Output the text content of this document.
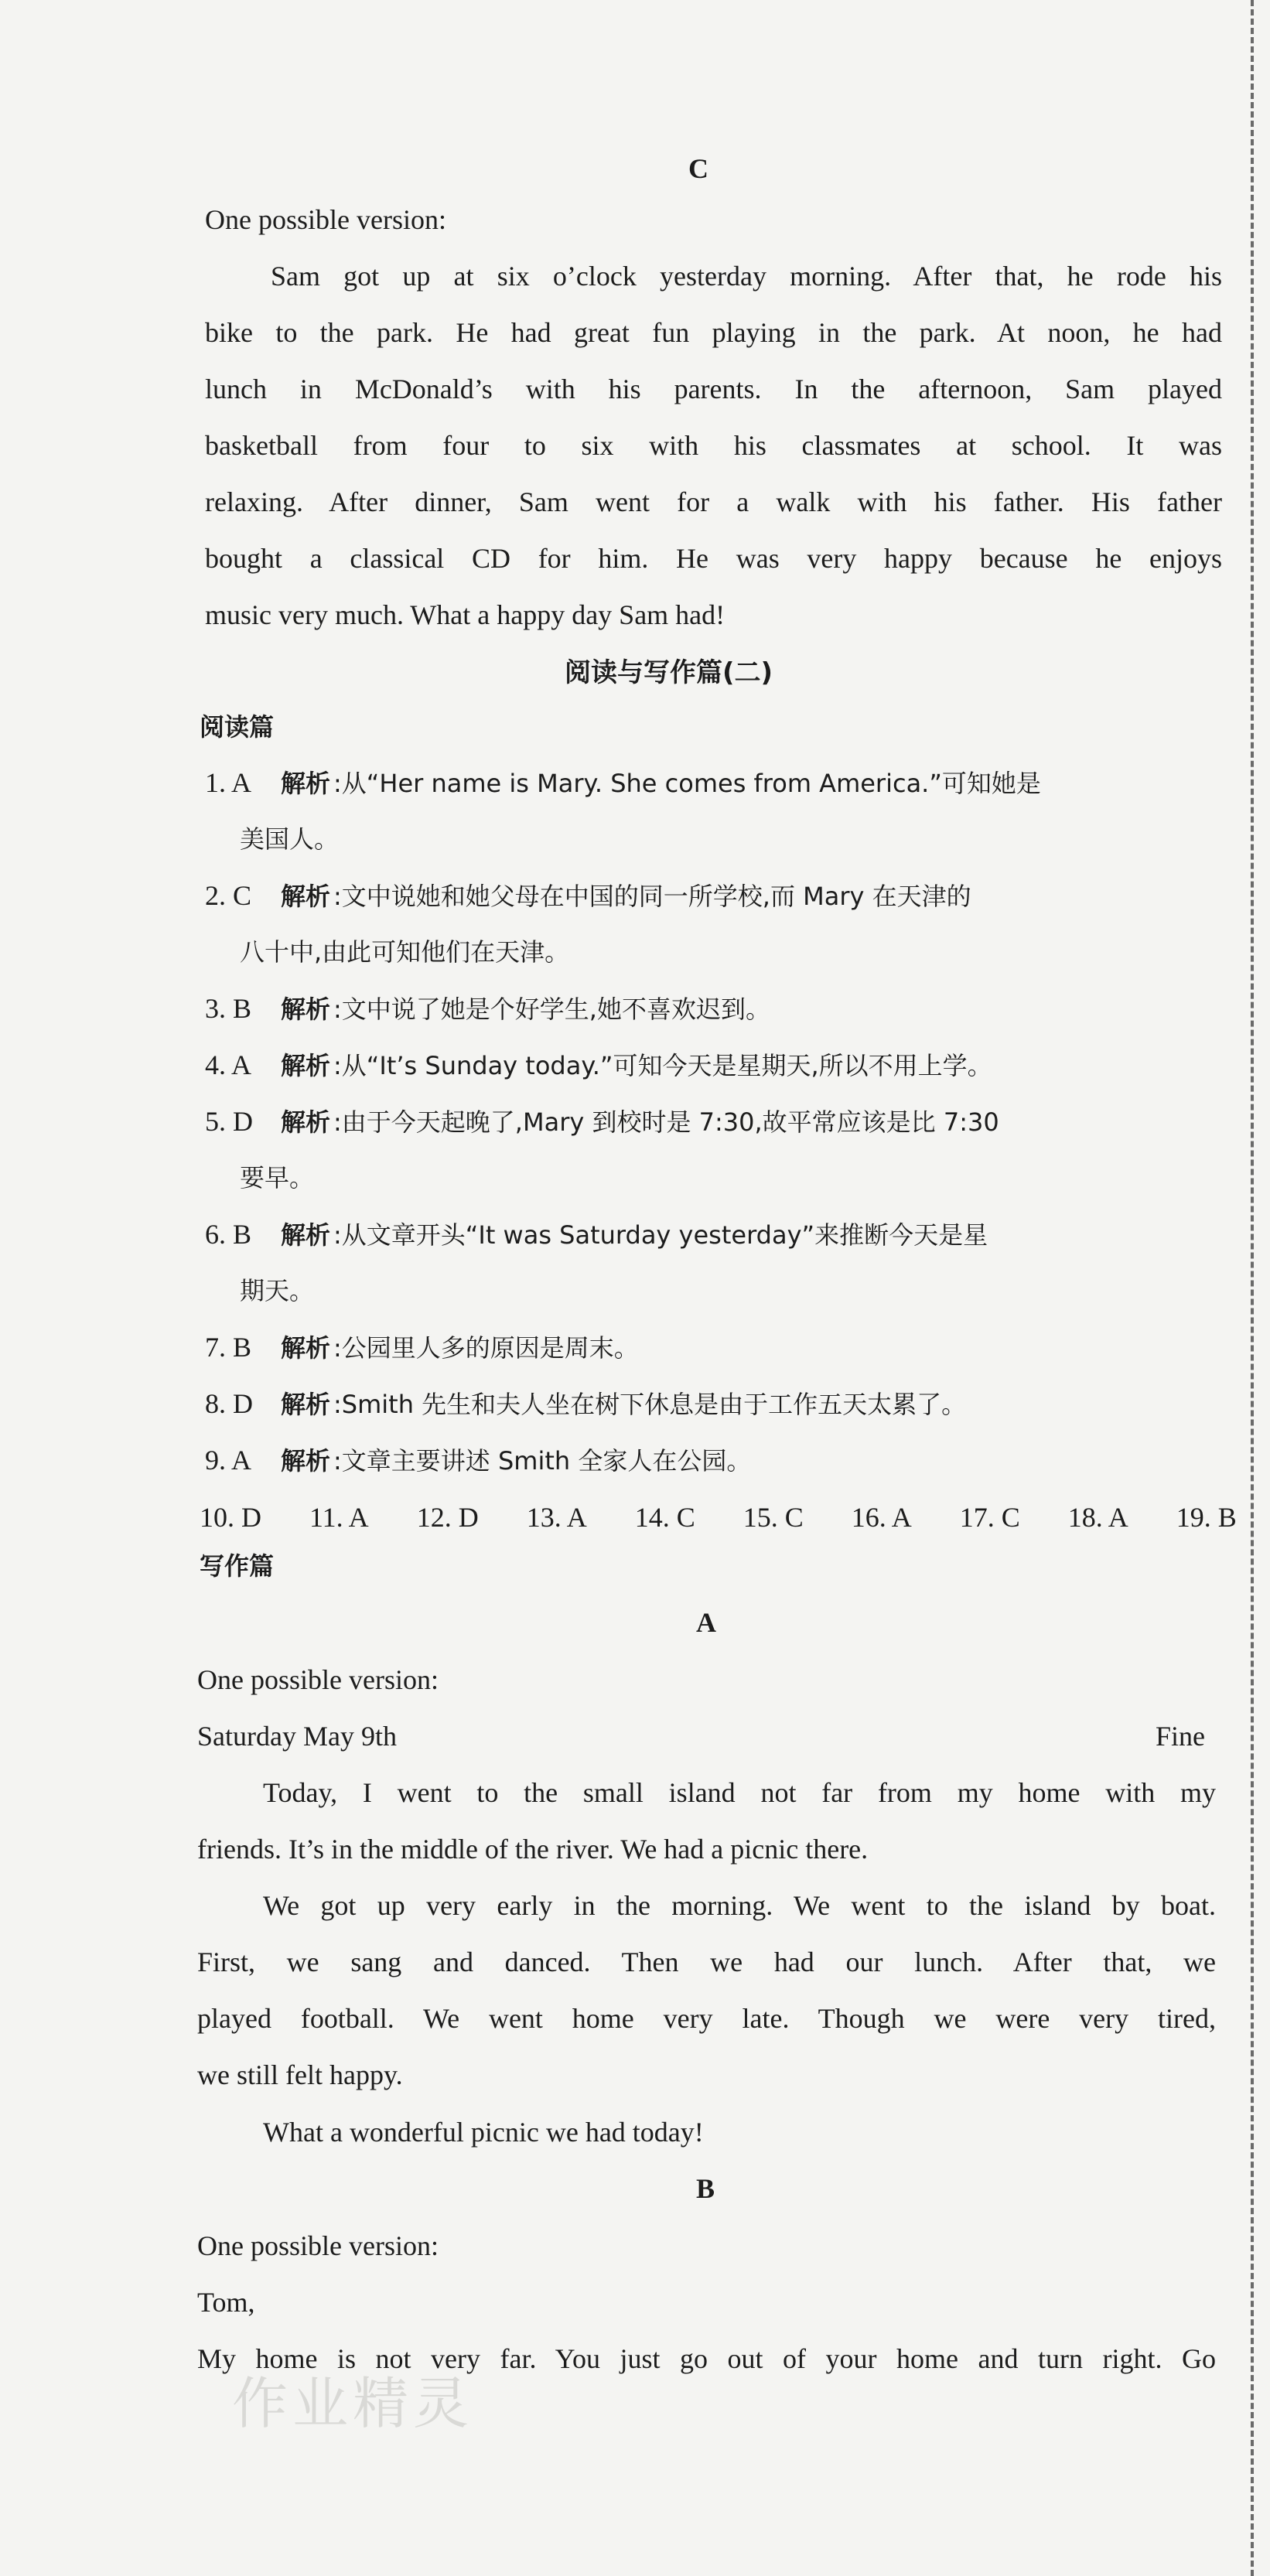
C
One possible version:
Sam got up at six o’clock yesterday morning. After that, he rode his
bike to the park. He had great fun playing in the park. At noon, he had
lunch in McDonald’s with his parents. In the afternoon, Sam played
basketball from four to six with his classmates at school. It was
relaxing. After dinner, Sam went for a walk with his father. His father
bought a classical CD for him. He was very happy because he enjoys
music very much. What a happy day Sam had!
阅读与写作篇(二)
阅读篇
1. A 解析 :从“Her name is Mary. She comes from America.”可知她是
美国人。
2. C 解析 :文中说她和她父母在中国的同一所学校,而 Mary 在天津的
八十中,由此可知他们在天津。
3. B 解析 :文中说了她是个好学生,她不喜欢迟到。
4. A 解析 :从“It’s Sunday today.”可知今天是星期天,所以不用上学。
5. D 解析 :由于今天起晚了,Mary 到校时是 7:30,故平常应该是比 7:30
要早。
6. B 解析 :从文章开头“It was Saturday yesterday”来推断今天是星
期天。
7. B 解析 :公园里人多的原因是周末。
8. D 解析 :Smith 先生和夫人坐在树下休息是由于工作五天太累了。
9. A 解析 :文章主要讲述 Smith 全家人在公园。
10. D 11. A 12. D 13. A 14. C 15. C 16. A 17. C 18. A 19. B
写作篇
A
One possible version:
Saturday May 9th	Fine
Today, I went to the small island not far from my home with my
friends. It’s in the middle of the river. We had a picnic there.
We got up very early in the morning. We went to the island by boat.
First, we sang and danced. Then we had our lunch. After that, we
played football. We went home very late. Though we were very tired,
we still felt happy.
What a wonderful picnic we had today!
B
One possible version:
Tom,
My home is not very far. You just go out of your home and turn right. Go
作业精灵
